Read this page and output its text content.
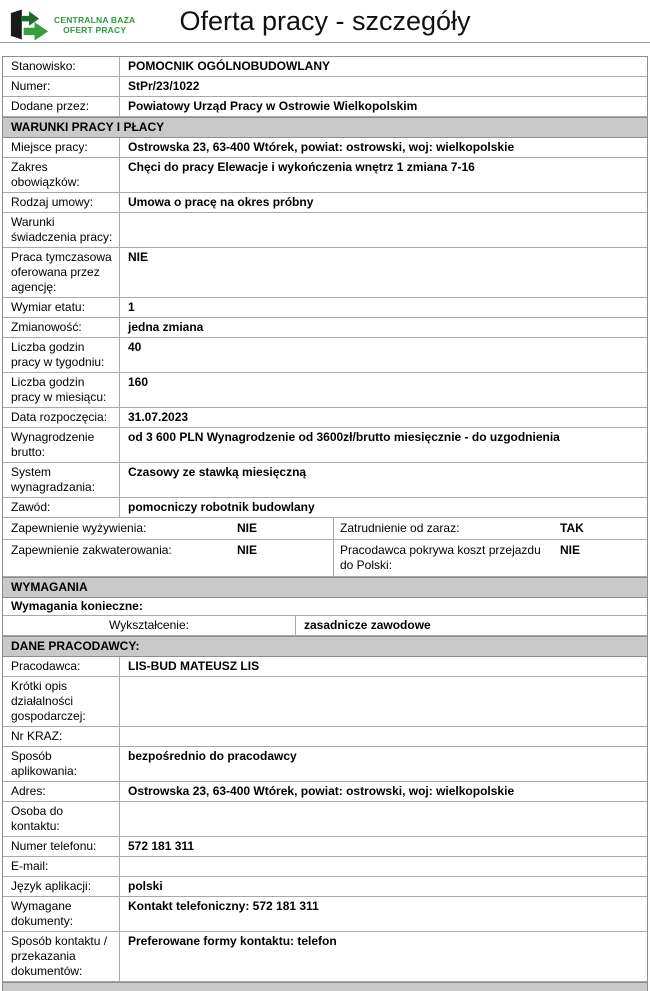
CENTRALNA BAZA
OFERT PRACY	Oferta pracy - szczegóły
Stanowisko:	POMOCNIK OGÓLNOBUDOWLANY
Numer:	StPr/23/1022
Dodane przez:	Powiatowy Urząd Pracy w Ostrowie Wielkopolskim
WARUNKI PRACY I PŁACY
Miejsce pracy:	Ostrowska 23, 63-400 Wtórek, powiat: ostrowski, woj: wielkopolskie
Zakres obowiązków:
Chęci do pracy Elewacje i wykończenia wnętrz 1 zmiana 7-16
Rodzaj umowy:	Umowa o pracę na okres próbny
Warunki świadczenia pracy:
Praca tymczasowa oferowana przez agencję:
NIE
Wymiar etatu:	1
Zmianowość:	jedna zmiana
Liczba godzin pracy w tygodniu:
40
Liczba godzin pracy w miesiącu:
160
Data rozpoczęcia:	31.07.2023
Wynagrodzenie brutto:
od 3 600 PLN Wynagrodzenie od 3600zł/brutto miesięcznie - do uzgodnienia
System wynagradzania:
Czasowy ze stawką miesięczną
Zawód:	pomocniczy robotnik budowlany
Zapewnienie wyżywienia:	NIE	Zatrudnienie od zaraz:	TAK
Zapewnienie zakwaterowania:	NIE	Pracodawca pokrywa koszt przejazdu do Polski:
NIE
WYMAGANIA
Wymagania konieczne:
Wykształcenie:	zasadnicze zawodowe
DANE PRACODAWCY:
Pracodawca:	LIS-BUD MATEUSZ LIS
Krótki opis działalności gospodarczej:
Nr KRAZ:
Sposób aplikowania:
bezpośrednio do pracodawcy
Adres:	Ostrowska 23, 63-400 Wtórek, powiat: ostrowski, woj: wielkopolskie
Osoba do kontaktu:
Numer telefonu:	572 181 311
E-mail:
Język aplikacji:	polski
Wymagane dokumenty:
Kontakt telefoniczny: 572 181 311
Sposób kontaktu / przekazania dokumentów:
Preferowane formy kontaktu: telefon
